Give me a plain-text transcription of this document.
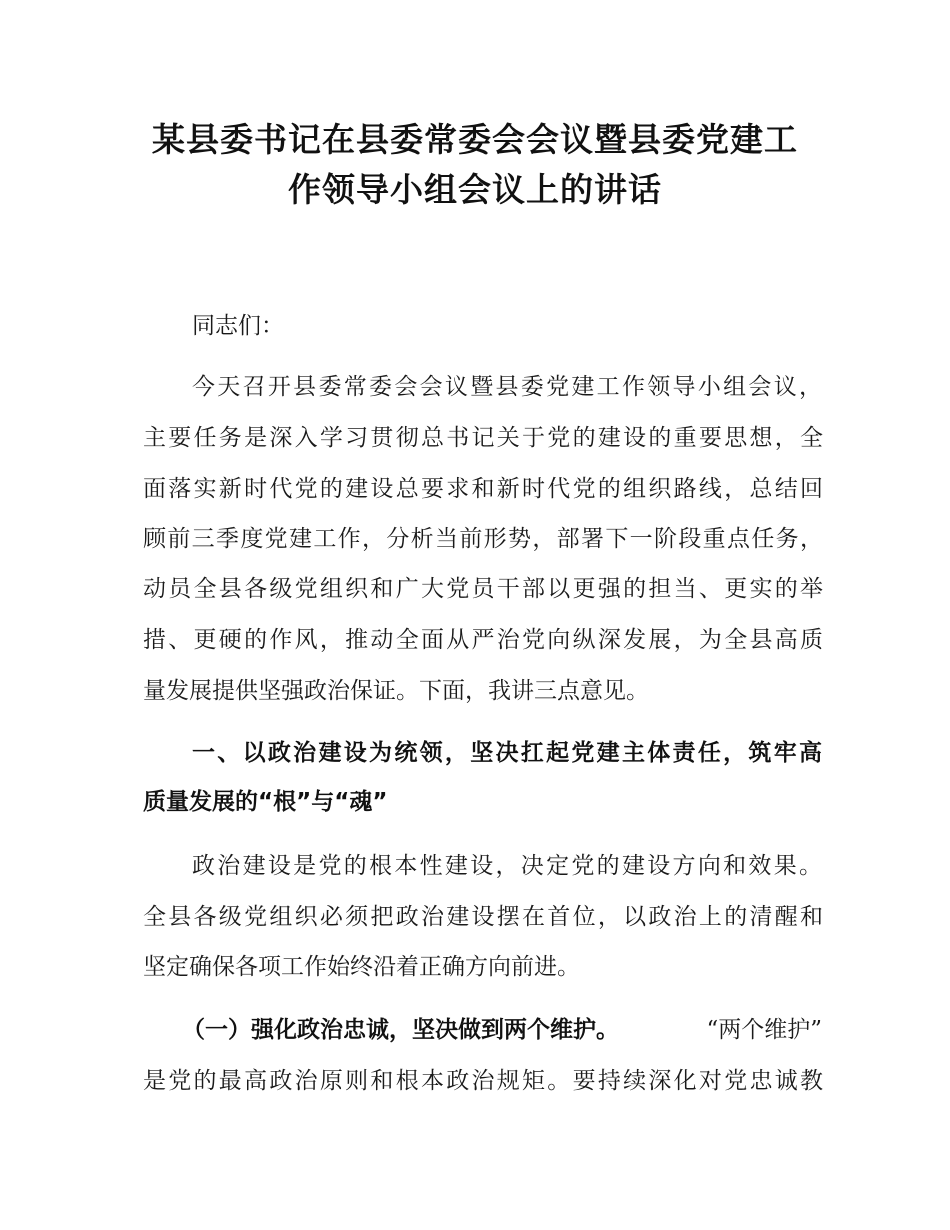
某县委书记在县委常委会会议暨县委党建工
作领导小组会议上的讲话
同志们：
今天召开县委常委会会议暨县委党建工作领导小组会议，
主要任务是深入学习贯彻总书记关于党的建设的重要思想，全
面落实新时代党的建设总要求和新时代党的组织路线，总结回
顾前三季度党建工作，分析当前形势，部署下一阶段重点任务，
动员全县各级党组织和广大党员干部以更强的担当、更实的举
措、更硬的作风，推动全面从严治党向纵深发展，为全县高质
量发展提供坚强政治保证。下面，我讲三点意见。
一、以政治建设为统领，坚决扛起党建主体责任，筑牢高
质量发展的“根”与“魂”
政治建设是党的根本性建设，决定党的建设方向和效果。
全县各级党组织必须把政治建设摆在首位，以政治上的清醒和
坚定确保各项工作始终沿着正确方向前进。
（一）强化政治忠诚，坚决做到两个维护。	“两个维护”
是党的最高政治原则和根本政治规矩。要持续深化对党忠诚教
